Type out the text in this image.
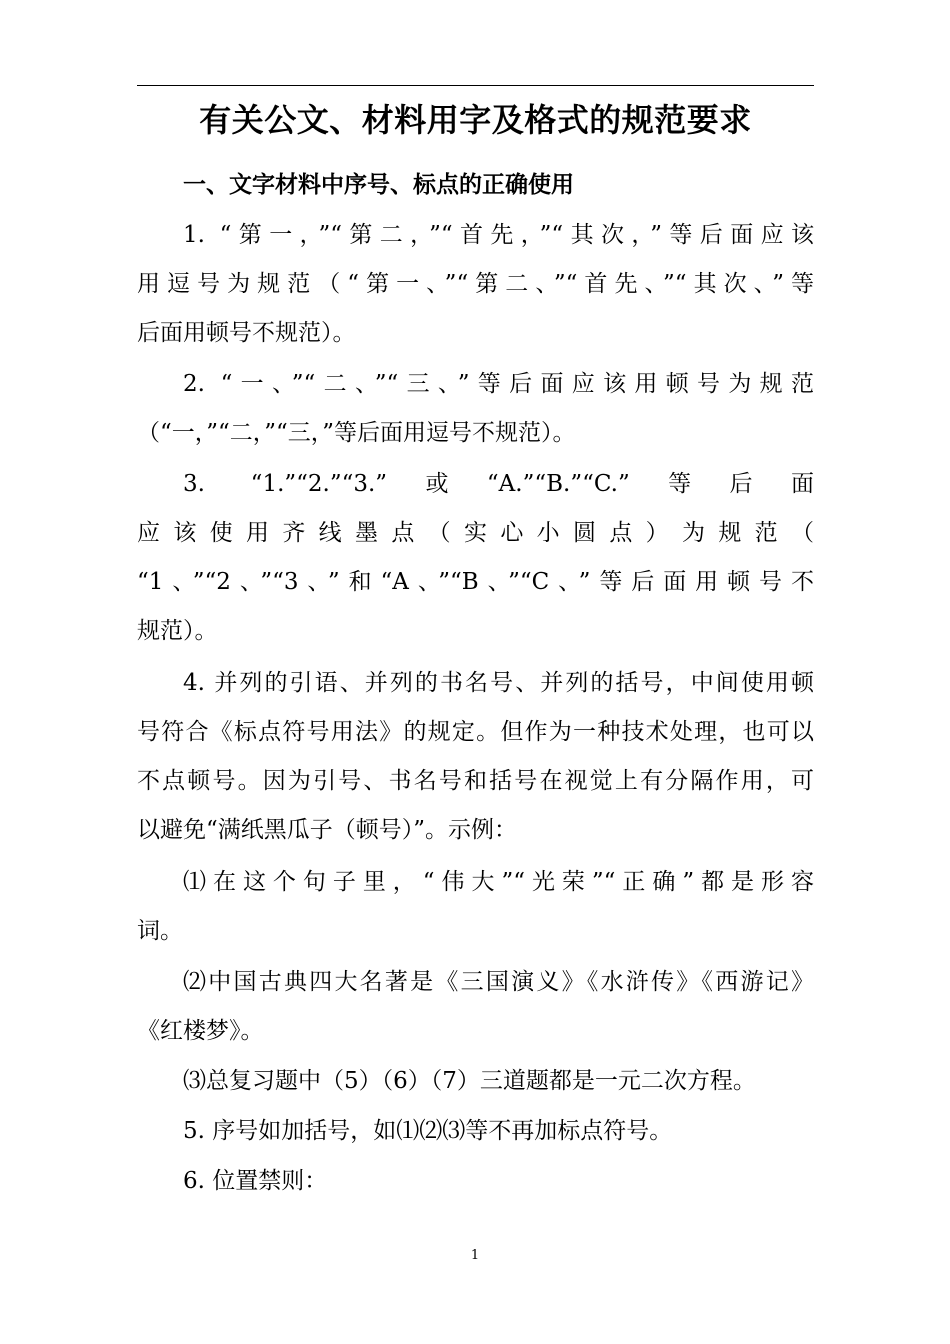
有关公文、材料用字及格式的规范要求
一、文字材料中序号、标点的正确使用
1. “第一，”“第二，”“首先，”“其次，”等后面应该
用逗号为规范（“第一、”“第二、”“首先、”“其次、”等
后面用顿号不规范）。
2. “一、”“二、”“三、”等后面应该用顿号为规范
（“一，”“二，”“三，”等后面用逗号不规范）。
3. “1.”“2.”“3.”或“A.”“B.”“C.”等后面
应该使用齐线墨点（实心小圆点）为规范（
“1、”“2、”“3、”和“A、”“B、”“C、”等后面用顿号不
规范）。
4. 并列的引语、并列的书名号、并列的括号，中间使用顿
号符合《标点符号用法》的规定。但作为一种技术处理，也可以
不点顿号。因为引号、书名号和括号在视觉上有分隔作用，可
以避免“满纸黑瓜子（顿号）”。示例：
⑴在这个句子里，“伟大”“光荣”“正确”都是形容
词。
⑵中国古典四大名著是《三国演义》《水浒传》《西游记》
《红楼梦》。
⑶总复习题中（5）（6）（7）三道题都是一元二次方程。
5. 序号如加括号，如⑴⑵⑶等不再加标点符号。
6. 位置禁则：
1
